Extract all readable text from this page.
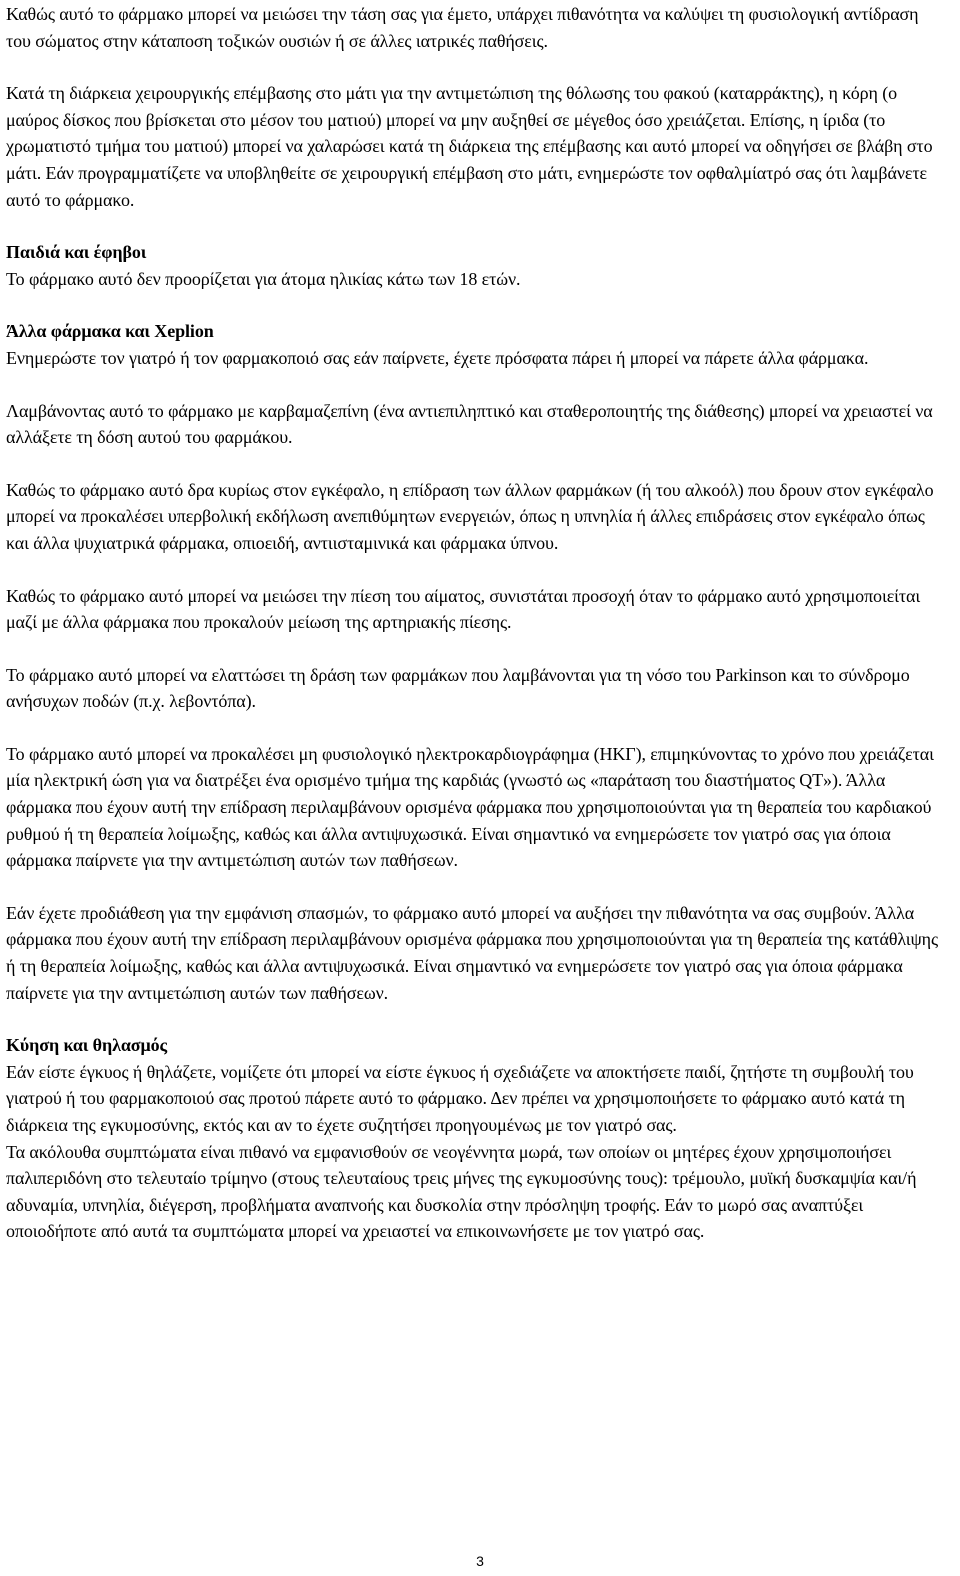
Καθώς αυτό το φάρμακο μπορεί να μειώσει την τάση σας για έμετο, υπάρχει πιθανότητα να καλύψει τη φυσιολογική αντίδραση του σώματος στην κάταποση τοξικών ουσιών ή σε άλλες ιατρικές παθήσεις.

Κατά τη διάρκεια χειρουργικής επέμβασης στο μάτι για την αντιμετώπιση της θόλωσης του φακού (καταρράκτης), η κόρη (ο μαύρος δίσκος που βρίσκεται στο μέσον του ματιού) μπορεί να μην αυξηθεί σε μέγεθος όσο χρειάζεται. Επίσης, η ίριδα (το χρωματιστό τμήμα του ματιού) μπορεί να χαλαρώσει κατά τη διάρκεια της επέμβασης και αυτό μπορεί να οδηγήσει σε βλάβη στο μάτι. Εάν προγραμματίζετε να υποβληθείτε σε χειρουργική επέμβαση στο μάτι, ενημερώστε τον οφθαλμίατρό σας ότι λαμβάνετε αυτό το φάρμακο.

Παιδιά και έφηβοι

Το φάρμακο αυτό δεν προορίζεται για άτομα ηλικίας κάτω των 18 ετών.

Άλλα φάρμακα και Xeplion

Ενημερώστε τον γιατρό ή τον φαρμακοποιό σας εάν παίρνετε, έχετε πρόσφατα πάρει ή μπορεί να πάρετε άλλα φάρμακα.

Λαμβάνοντας αυτό το φάρμακο με καρβαμαζεπίνη (ένα αντιεπιληπτικό και σταθεροποιητής της διάθεσης) μπορεί να χρειαστεί να αλλάξετε τη δόση αυτού του φαρμάκου.

Καθώς το φάρμακο αυτό δρα κυρίως στον εγκέφαλο, η επίδραση των άλλων φαρμάκων (ή του αλκοόλ) που δρουν στον εγκέφαλο μπορεί να προκαλέσει υπερβολική εκδήλωση ανεπιθύμητων ενεργειών, όπως η υπνηλία ή άλλες επιδράσεις στον εγκέφαλο όπως και άλλα ψυχιατρικά φάρμακα, οπιοειδή, αντιισταμινικά και φάρμακα ύπνου.

Καθώς το φάρμακο αυτό μπορεί να μειώσει την πίεση του αίματος, συνιστάται προσοχή όταν το φάρμακο αυτό χρησιμοποιείται μαζί με άλλα φάρμακα που προκαλούν μείωση της αρτηριακής πίεσης.

Το φάρμακο αυτό μπορεί να ελαττώσει τη δράση των φαρμάκων που λαμβάνονται για τη νόσο του Parkinson και το σύνδρομο ανήσυχων ποδών (π.χ. λεβοντόπα).

Το φάρμακο αυτό μπορεί να προκαλέσει μη φυσιολογικό ηλεκτροκαρδιογράφημα (ΗΚΓ), επιμηκύνοντας το χρόνο που χρειάζεται μία ηλεκτρική ώση για να διατρέξει ένα ορισμένο τμήμα της καρδιάς (γνωστό ως «παράταση του διαστήματος QT»). Άλλα φάρμακα που έχουν αυτή την επίδραση περιλαμβάνουν ορισμένα φάρμακα που χρησιμοποιούνται για τη θεραπεία του καρδιακού ρυθμού ή τη θεραπεία λοίμωξης, καθώς και άλλα αντιψυχωσικά. Είναι σημαντικό να ενημερώσετε τον γιατρό σας για όποια φάρμακα παίρνετε για την αντιμετώπιση αυτών των παθήσεων.

Εάν έχετε προδιάθεση για την εμφάνιση σπασμών, το φάρμακο αυτό μπορεί να αυξήσει την πιθανότητα να σας συμβούν. Άλλα φάρμακα που έχουν αυτή την επίδραση περιλαμβάνουν ορισμένα φάρμακα που χρησιμοποιούνται για τη θεραπεία της κατάθλιψης ή τη θεραπεία λοίμωξης, καθώς και άλλα αντιψυχωσικά. Είναι σημαντικό να ενημερώσετε τον γιατρό σας για όποια φάρμακα παίρνετε για την αντιμετώπιση αυτών των παθήσεων.

Κύηση και θηλασμός

Εάν είστε έγκυος ή θηλάζετε, νομίζετε ότι μπορεί να είστε έγκυος ή σχεδιάζετε να αποκτήσετε παιδί, ζητήστε τη συμβουλή του γιατρού ή του φαρμακοποιού σας προτού πάρετε αυτό το φάρμακο. Δεν πρέπει να χρησιμοποιήσετε το φάρμακο αυτό κατά τη διάρκεια της εγκυμοσύνης, εκτός και αν το έχετε συζητήσει προηγουμένως με τον γιατρό σας.

Τα ακόλουθα συμπτώματα είναι πιθανό να εμφανισθούν σε νεογέννητα μωρά, των οποίων οι μητέρες έχουν χρησιμοποιήσει παλιπεριδόνη στο τελευταίο τρίμηνο (στους τελευταίους τρεις μήνες της εγκυμοσύνης τους): τρέμουλο, μυϊκή δυσκαμψία και/ή αδυναμία, υπνηλία, διέγερση, προβλήματα αναπνοής και δυσκολία στην πρόσληψη τροφής. Εάν το μωρό σας αναπτύξει οποιοδήποτε από αυτά τα συμπτώματα μπορεί να χρειαστεί να επικοινωνήσετε με τον γιατρό σας.

3
